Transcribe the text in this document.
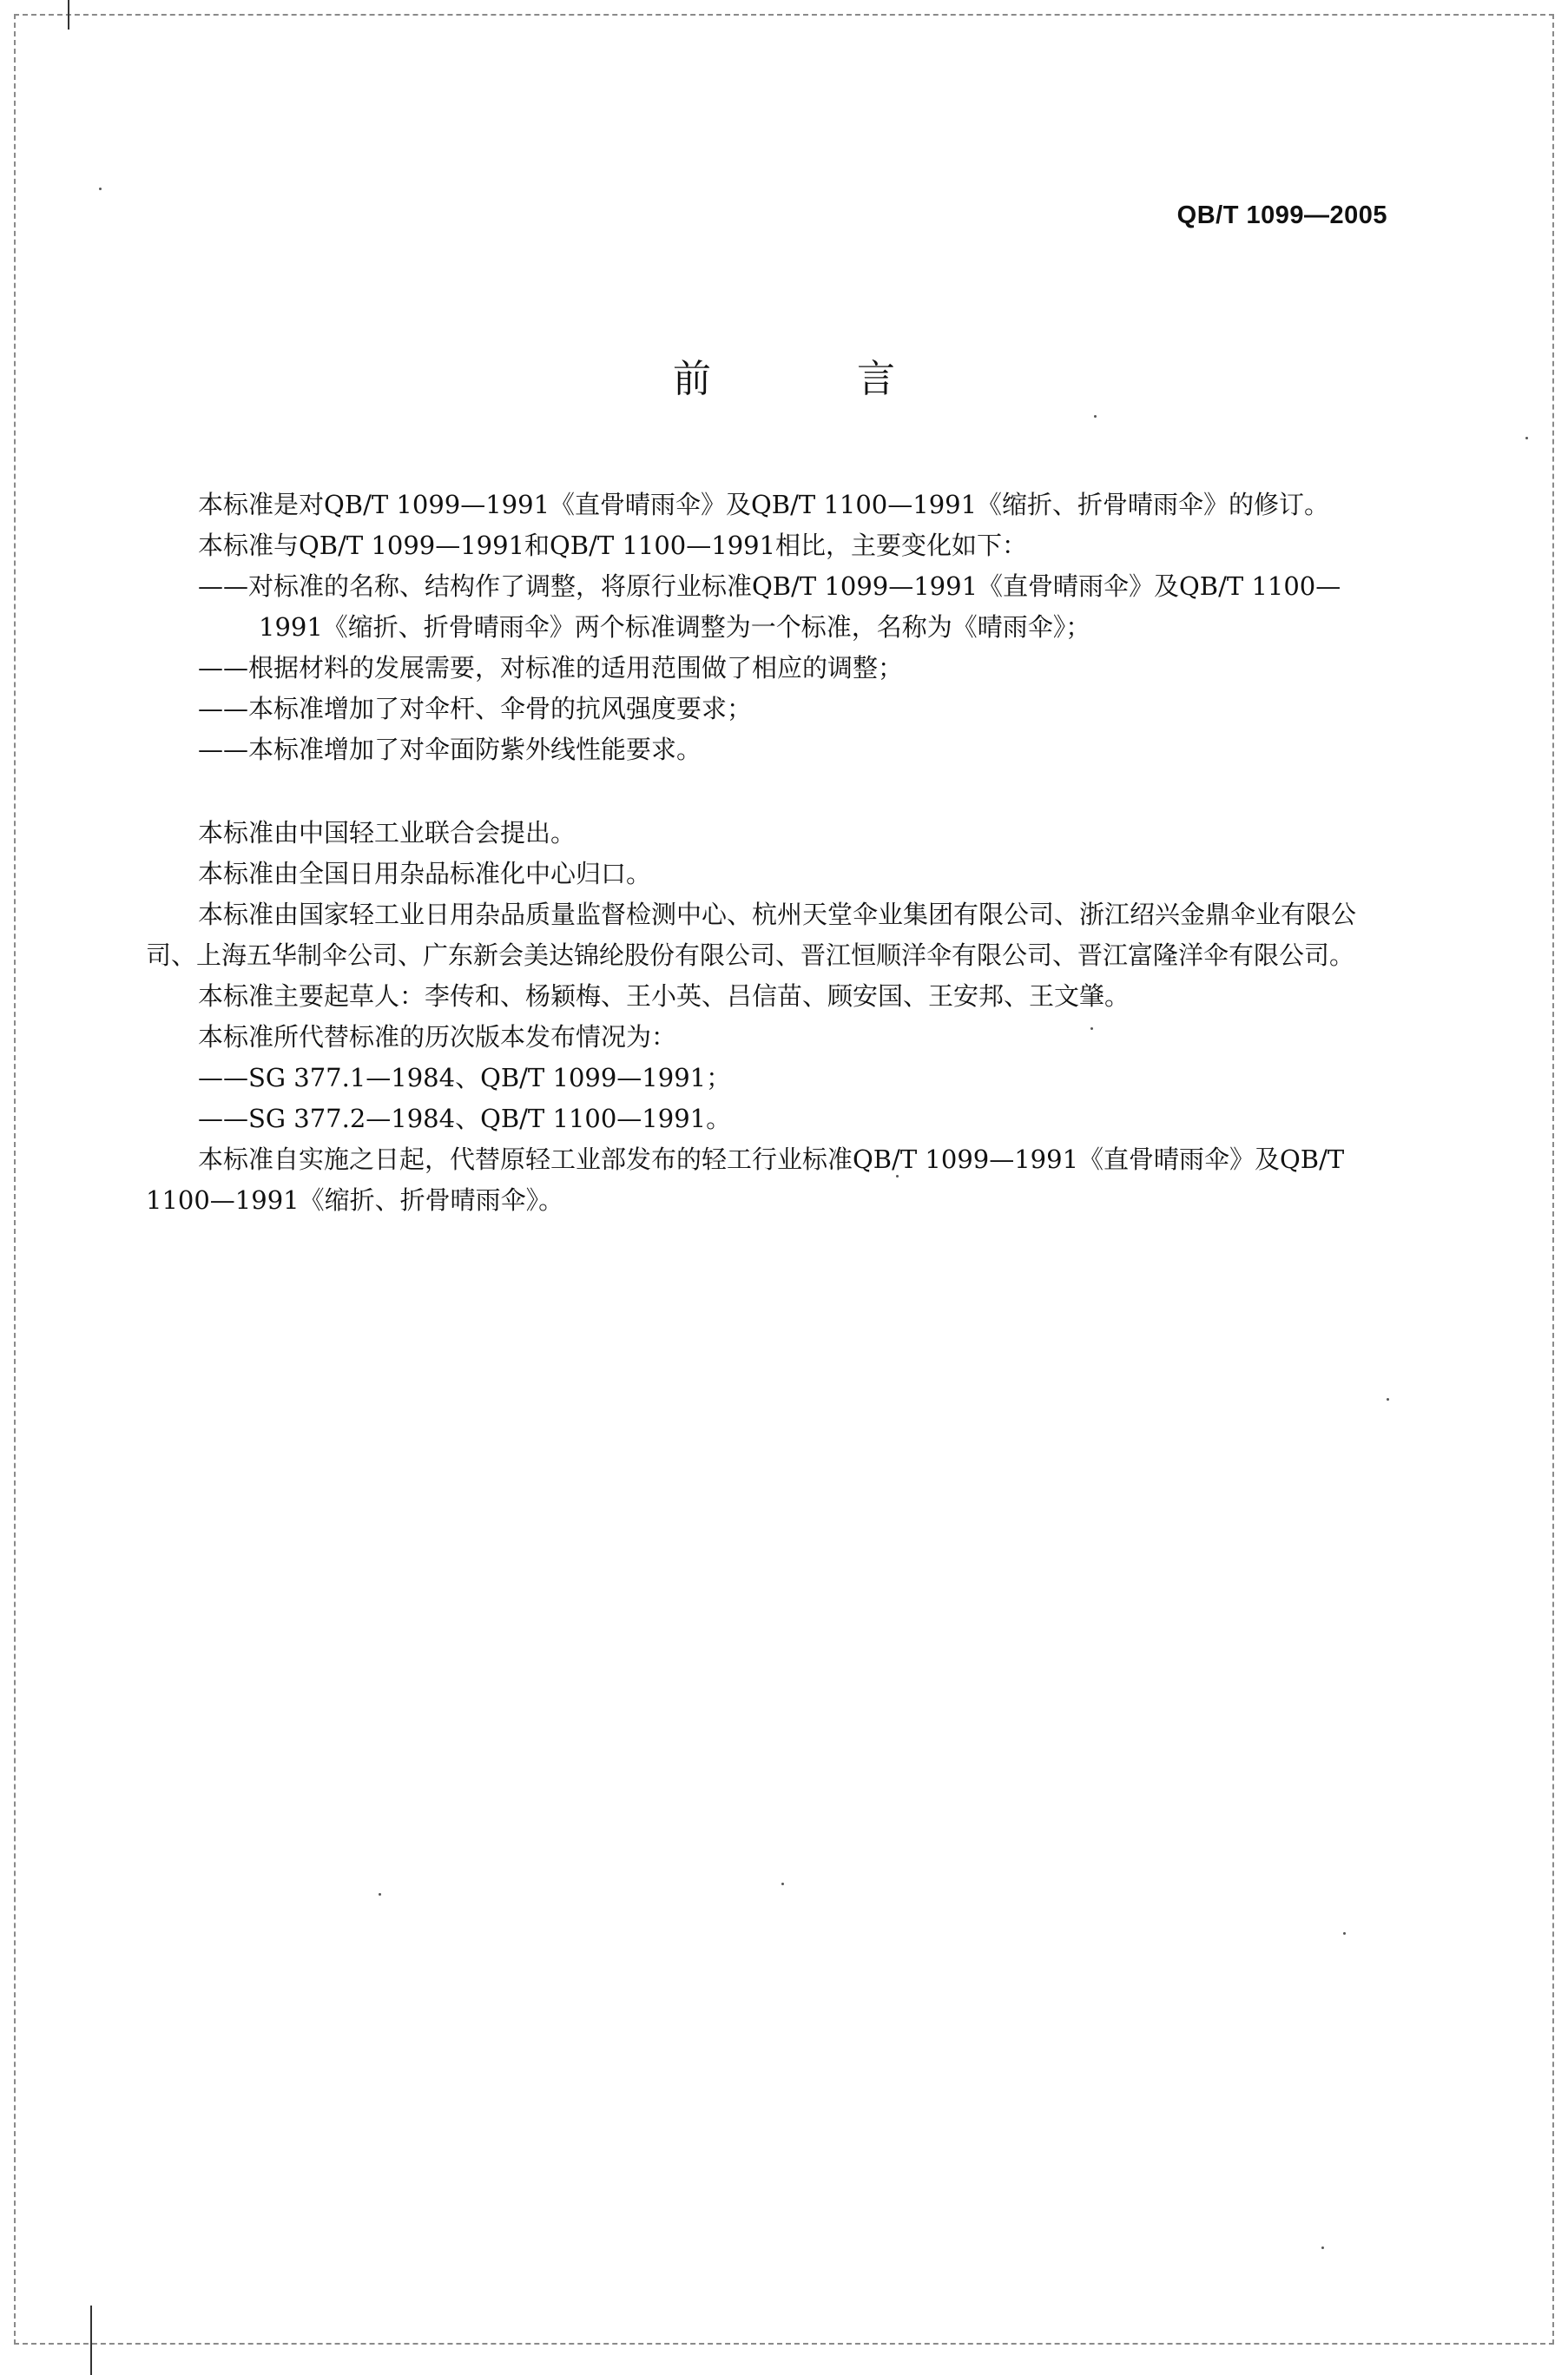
QB/T 1099—2005
前　言

本标准是对QB/T 1099—1991《直骨晴雨伞》及QB/T 1100—1991《缩折、折骨晴雨伞》的修订。

本标准与QB/T 1099—1991和QB/T 1100—1991相比，主要变化如下：

——对标准的名称、结构作了调整，将原行业标准QB/T 1099—1991《直骨晴雨伞》及QB/T 1100—1991《缩折、折骨晴雨伞》两个标准调整为一个标准，名称为《晴雨伞》；

——根据材料的发展需要，对标准的适用范围做了相应的调整；

——本标准增加了对伞杆、伞骨的抗风强度要求；

——本标准增加了对伞面防紫外线性能要求。

本标准由中国轻工业联合会提出。

本标准由全国日用杂品标准化中心归口。

本标准由国家轻工业日用杂品质量监督检测中心、杭州天堂伞业集团有限公司、浙江绍兴金鼎伞业有限公司、上海五华制伞公司、广东新会美达锦纶股份有限公司、晋江恒顺洋伞有限公司、晋江富隆洋伞有限公司。

本标准主要起草人：李传和、杨颖梅、王小英、吕信苗、顾安国、王安邦、王文肇。

本标准所代替标准的历次版本发布情况为：

——SG 377.1—1984、QB/T 1099—1991；

——SG 377.2—1984、QB/T 1100—1991。

本标准自实施之日起，代替原轻工业部发布的轻工行业标准QB/T 1099—1991《直骨晴雨伞》及QB/T 1100—1991《缩折、折骨晴雨伞》。
